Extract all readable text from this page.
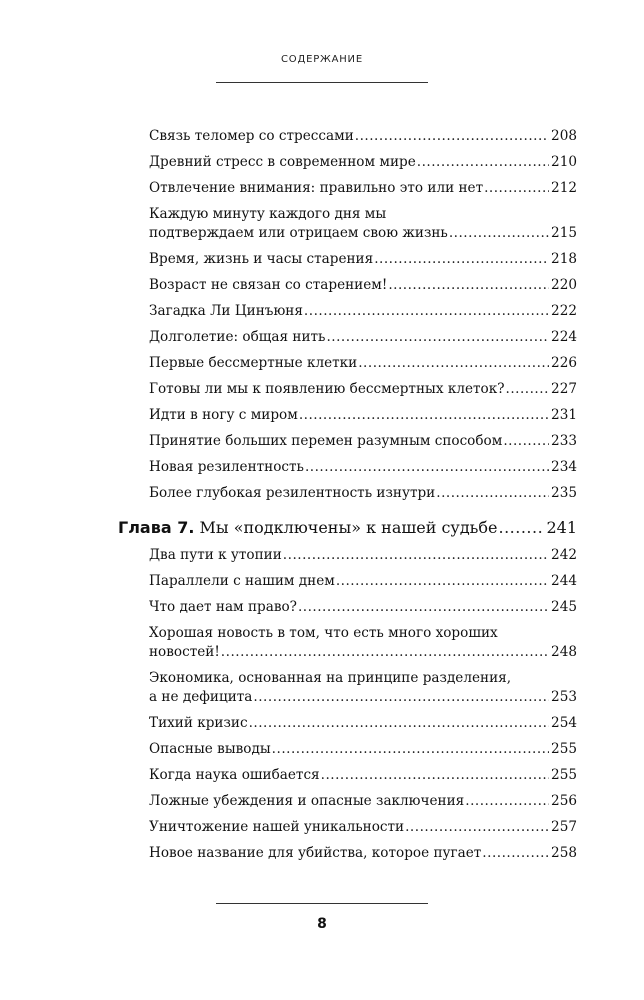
СОДЕРЖАНИЕ
Связь теломер со стрессами .....	208
Древний стресс в современном мире .....	210
Отвлечение внимания: правильно это или нет .....	212
Каждую минуту каждого дня мы
подтверждаем или отрицаем свою жизнь .....	215
Время, жизнь и часы старения .....	218
Возраст не связан со старением! .....	220
Загадка Ли Цинъюня .....	222
Долголетие: общая нить .....	224
Первые бессмертные клетки .....	226
Готовы ли мы к появлению бессмертных клеток? .....	227
Идти в ногу с миром .....	231
Принятие больших перемен разумным способом .....	233
Новая резилентность .....	234
Более глубокая резилентность изнутри .....	235
Глава 7. Мы «подключены» к нашей судьбе .....	241
Два пути к утопии .....	242
Параллели с нашим днем .....	244
Что дает нам право? .....	245
Хорошая новость в том, что есть много хороших
новостей! .....	248
Экономика, основанная на принципе разделения,
а не дефицита .....	253
Тихий кризис .....	254
Опасные выводы .....	255
Когда наука ошибается .....	255
Ложные убеждения и опасные заключения .....	256
Уничтожение нашей уникальности .....	257
Новое название для убийства, которое пугает .....	258
8
